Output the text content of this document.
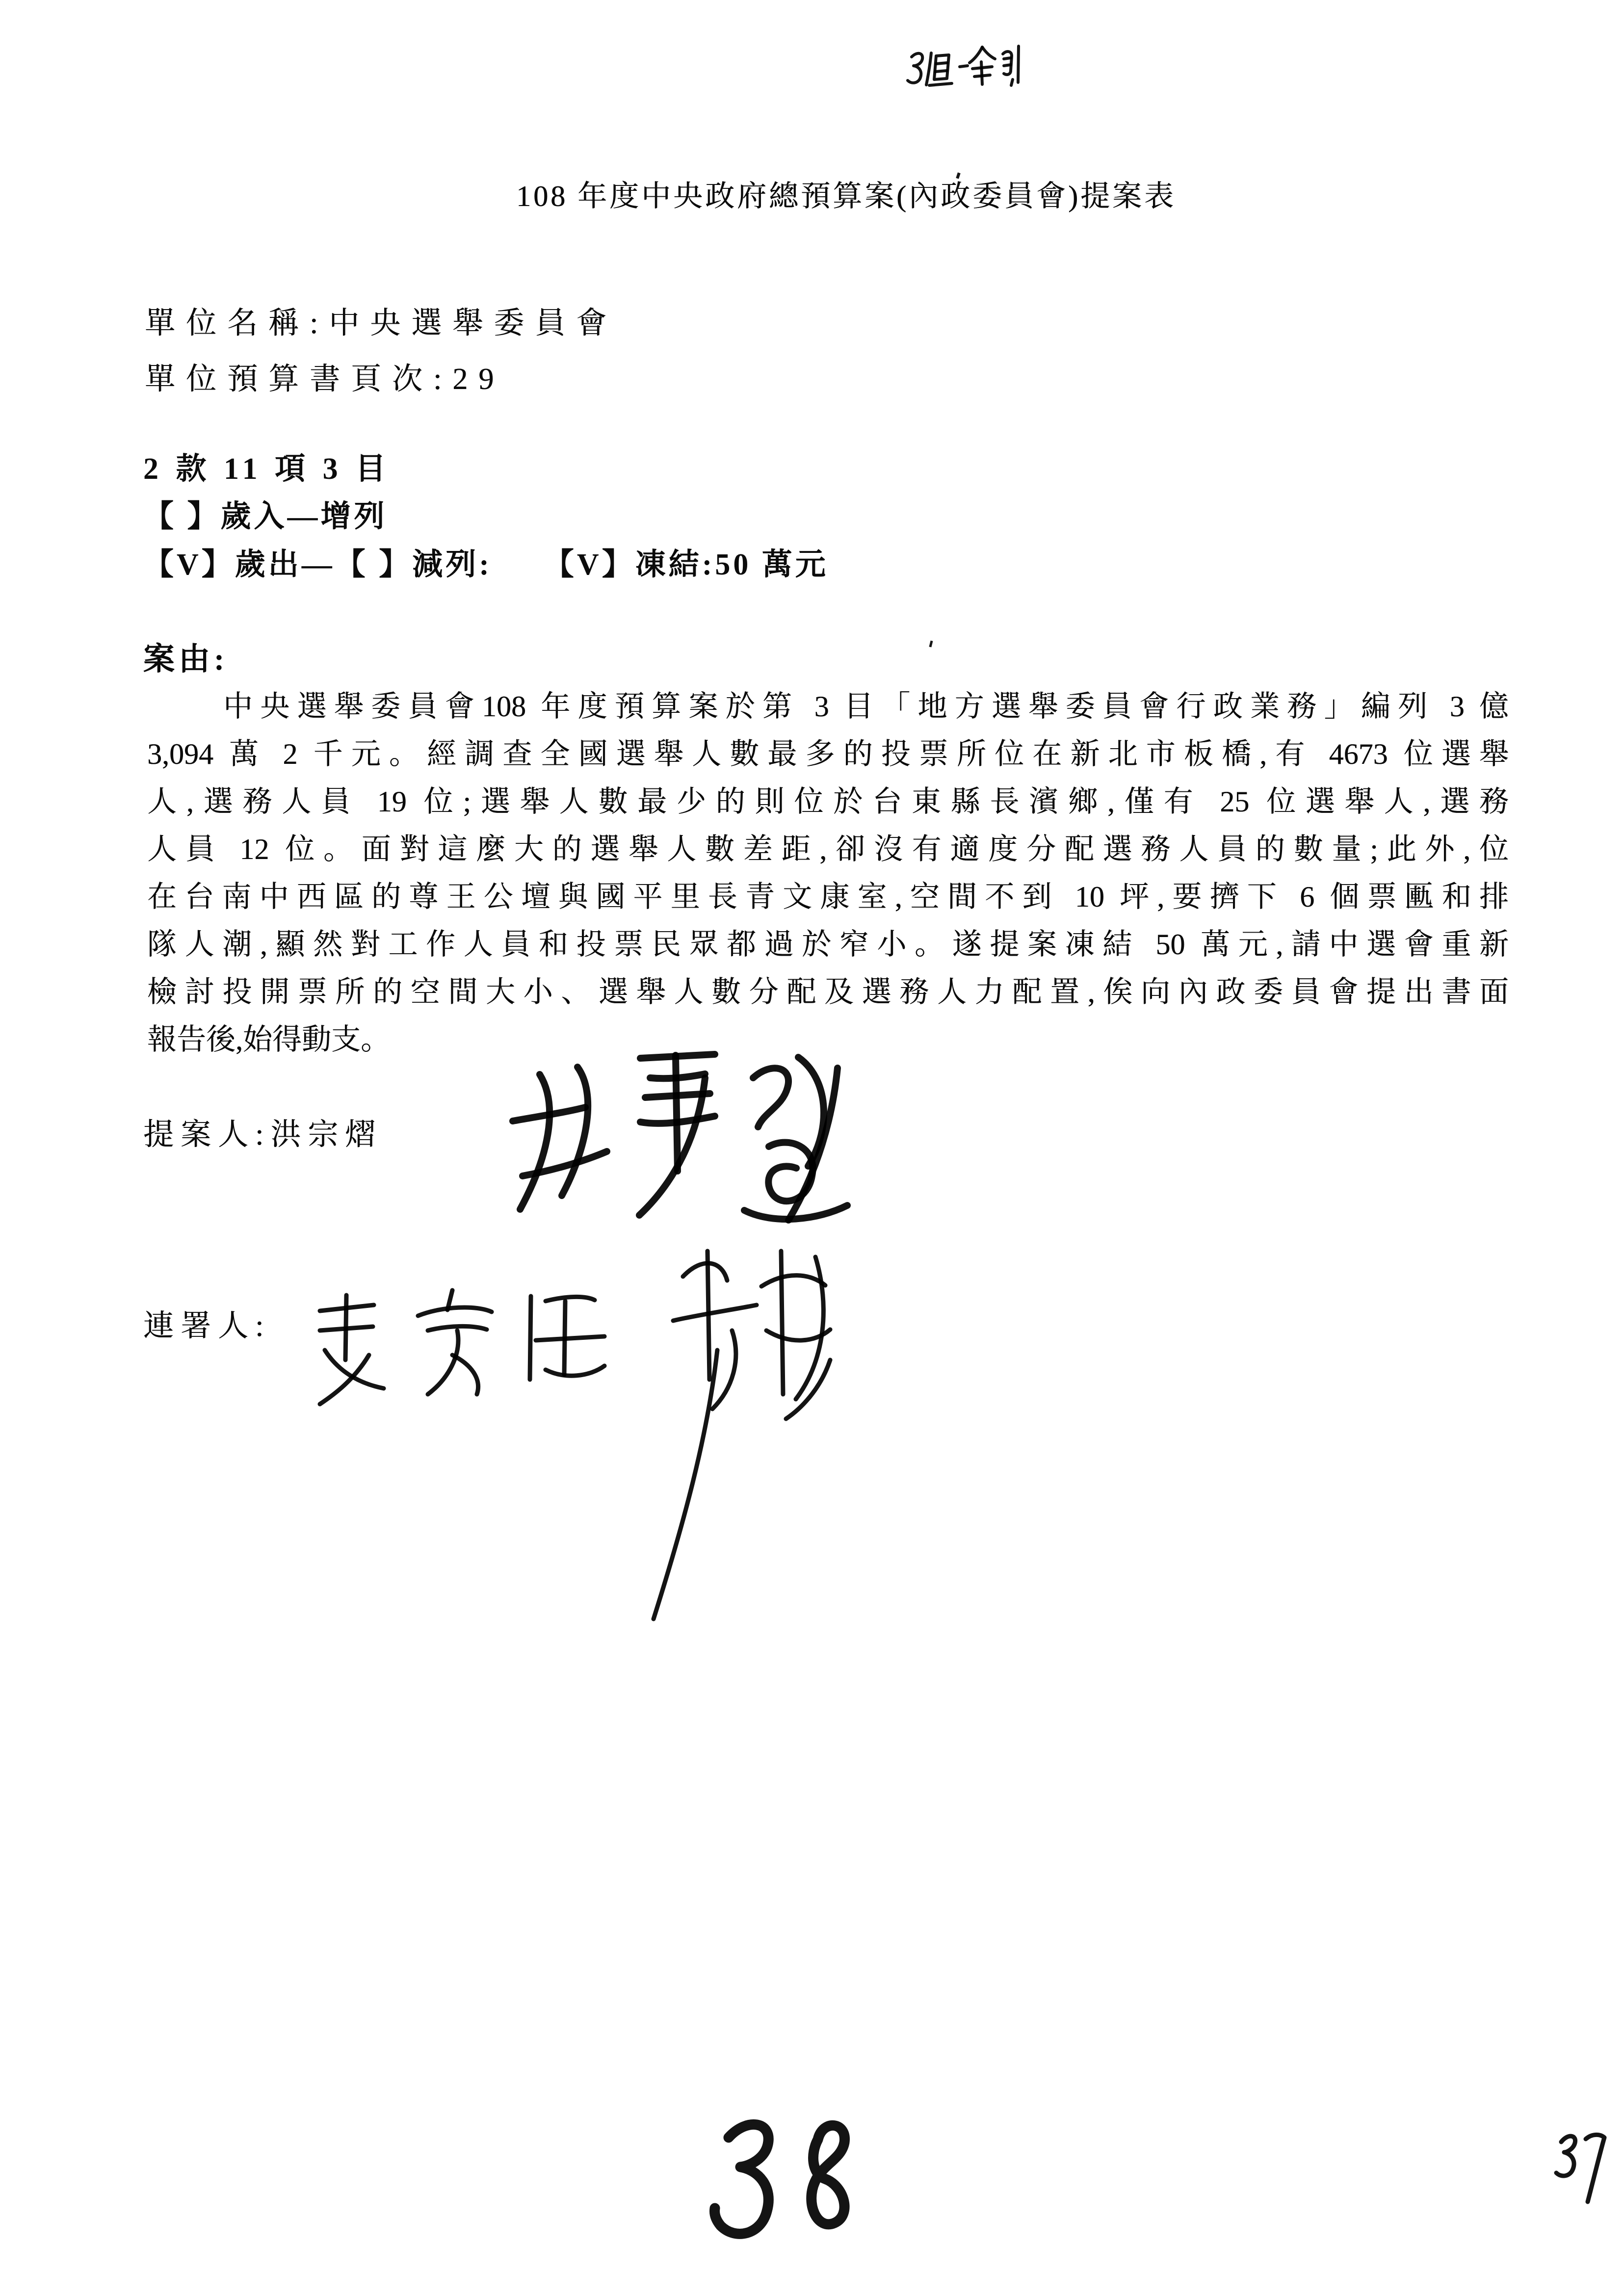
108 年度中央政府總預算案(內政委員會)提案表
單位名稱:中央選舉委員會
單位預算書頁次:29
2 款 11 項 3 目
【 】歲入—增列
【V】歲出—【 】減列:　　【V】凍結:50 萬元
案由:
中央選舉委員會108 年度預算案於第 3 目「地方選舉委員會行政業務」編列 3 億
3,094 萬 2 千元。經調查全國選舉人數最多的投票所位在新北市板橋,有 4673 位選舉
人,選務人員 19 位;選舉人數最少的則位於台東縣長濱鄉,僅有 25 位選舉人,選務
人員 12 位。面對這麼大的選舉人數差距,卻沒有適度分配選務人員的數量;此外,位
在台南中西區的尊王公壇與國平里長青文康室,空間不到 10 坪,要擠下 6 個票匭和排
隊人潮,顯然對工作人員和投票民眾都過於窄小。遂提案凍結 50 萬元,請中選會重新
檢討投開票所的空間大小、選舉人數分配及選務人力配置,俟向內政委員會提出書面
報告後,始得動支。
提案人:洪宗熠
連署人:
